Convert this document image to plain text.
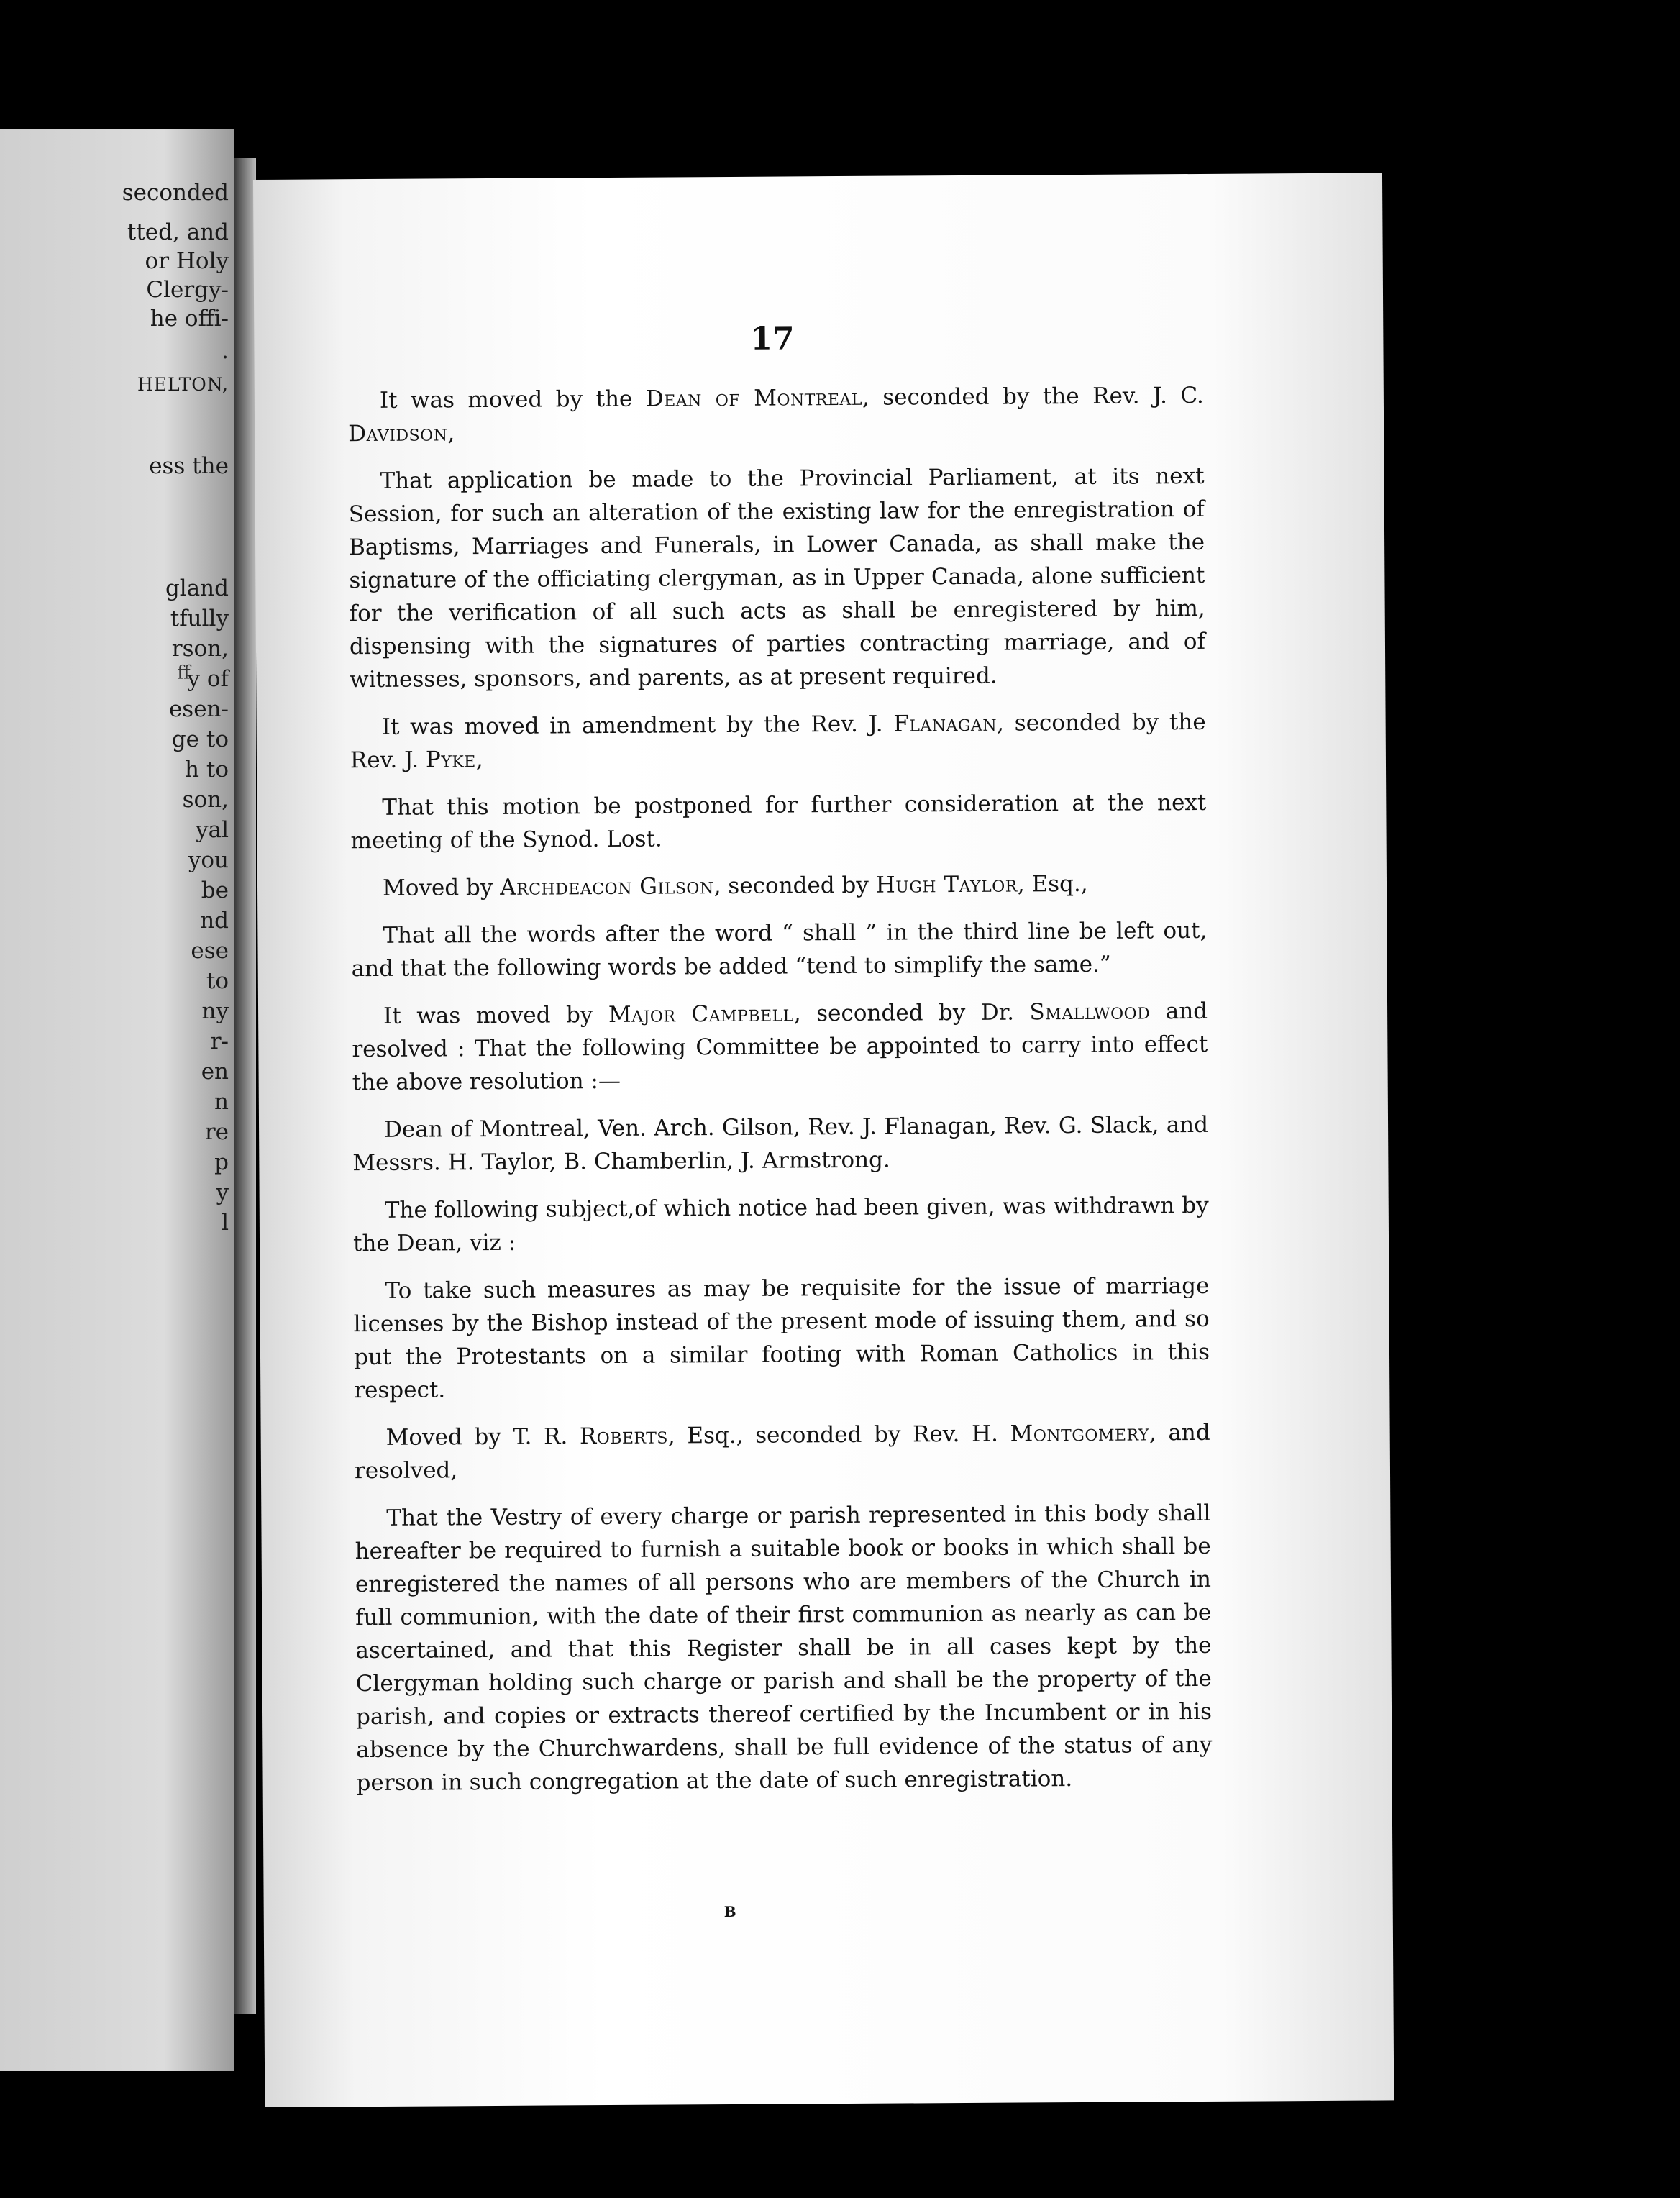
seconded
tted, and
or Holy
Clergy-
he offi-
.
HELTON,
ess the
gland
tfully
rson,
y of
esen-
ge to
h to
son,
yal
you
be
nd
ese
to
ny
r-
en
n
re
p
y
l
17

It was moved by the Dean of Montreal, seconded by the Rev. J. C. Davidson,

That application be made to the Provincial Parliament, at its next Session, for such an alteration of the existing law for the enregistration of Baptisms, Marriages and Funerals, in Lower Canada, as shall make the signature of the officiating clergyman, as in Upper Canada, alone sufficient for the verification of all such acts as shall be enregistered by him, dispensing with the signatures of parties contracting marriage, and of witnesses, sponsors, and parents, as at present required.

It was moved in amendment by the Rev. J. Flanagan, seconded by the Rev. J. Pyke,

That this motion be postponed for further consideration at the next meeting of the Synod. Lost.

Moved by Archdeacon Gilson, seconded by Hugh Taylor, Esq.,

That all the words after the word “ shall ” in the third line be left out, and that the following words be added “tend to simplify the same.”

It was moved by Major Campbell, seconded by Dr. Smallwood and resolved : That the following Committee be appointed to carry into effect the above resolution :—

Dean of Montreal, Ven. Arch. Gilson, Rev. J. Flanagan, Rev. G. Slack, and Messrs. H. Taylor, B. Chamberlin, J. Armstrong.

The following subject,of which notice had been given, was withdrawn by the Dean, viz :

To take such measures as may be requisite for the issue of marriage licenses by the Bishop instead of the present mode of issuing them, and so put the Protestants on a similar footing with Roman Catholics in this respect.

Moved by T. R. Roberts, Esq., seconded by Rev. H. Montgomery, and resolved,

That the Vestry of every charge or parish represented in this body shall hereafter be required to furnish a suitable book or books in which shall be enregistered the names of all persons who are members of the Church in full communion, with the date of their first communion as nearly as can be ascertained, and that this Register shall be in all cases kept by the Clergyman holding such charge or parish and shall be the property of the parish, and copies or extracts thereof certified by the Incumbent or in his absence by the Churchwardens, shall be full evidence of the status of any person in such congregation at the date of such enregistration.

B
ff
